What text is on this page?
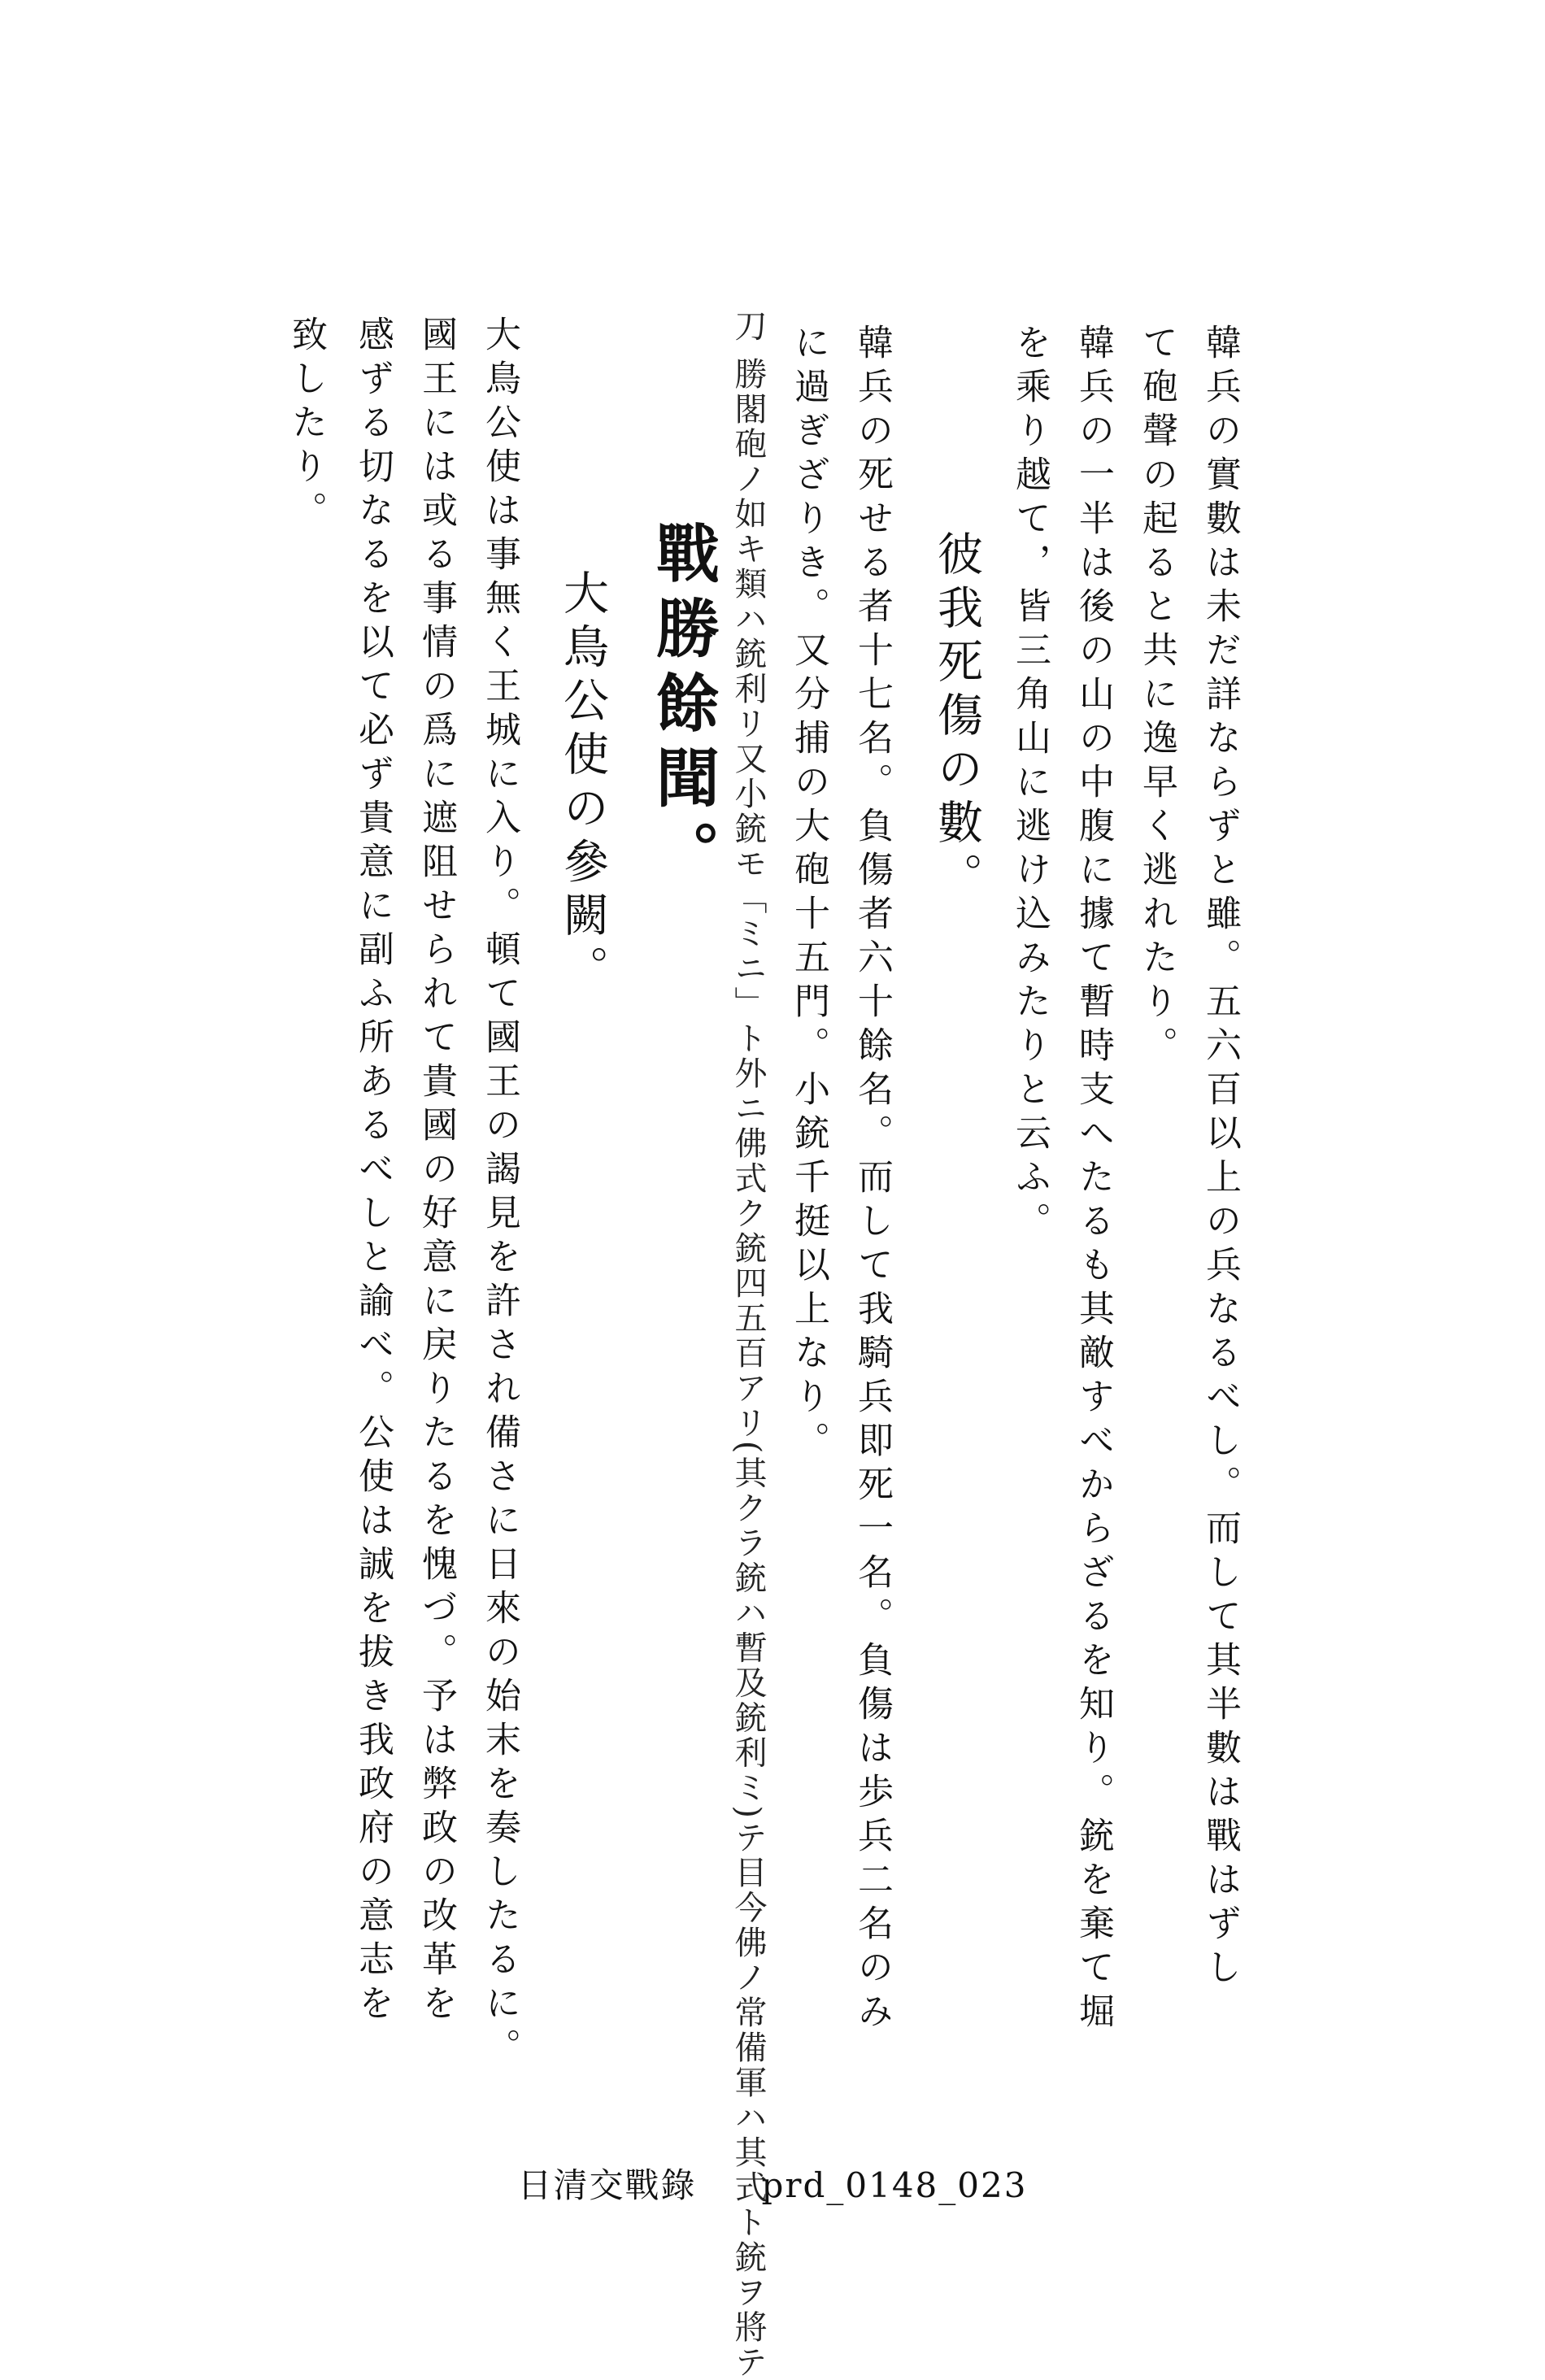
韓兵の實數は未だ詳ならずと雖。五六百以上の兵なるべし。而して其半數は戰はずし
て砲聲の起ると共に逸早く逃れたり。
韓兵の一半は後の山の中腹に據て暫時支へたるも其敵すべからざるを知り。銃を棄て堀
を乘り越て，皆三角山に逃け込みたりと云ふ。
彼我死傷の數。
韓兵の死せる者十七名。負傷者六十餘名。而して我騎兵即死一名。負傷は歩兵二名のみ
に過ぎざりき。又分捕の大砲十五門。小銃千挺以上なり。
刀 勝閣砲ノ如キ類ハ銃利リ又小銃モ「ミニ」ト外ニ佛式ク銃四五百アリ(其クラ銃ハ暫及銃利ミ)テ目今佛ノ常備軍ハ其式ト銃ヲ將テ
戰勝餘聞。
大鳥公使の參闕。
大鳥公使は事無く王城に入り。頓て國王の謁見を許され備さに日來の始末を奏したるに。
國王には或る事情の爲に遮阻せられて貴國の好意に戻りたるを愧づ。予は弊政の改革を
感ずる切なるを以て必ず貴意に副ふ所あるべしと諭べ。公使は誠を拔き我政府の意志を
致したり。
日清交戰錄 prd_0148_023
